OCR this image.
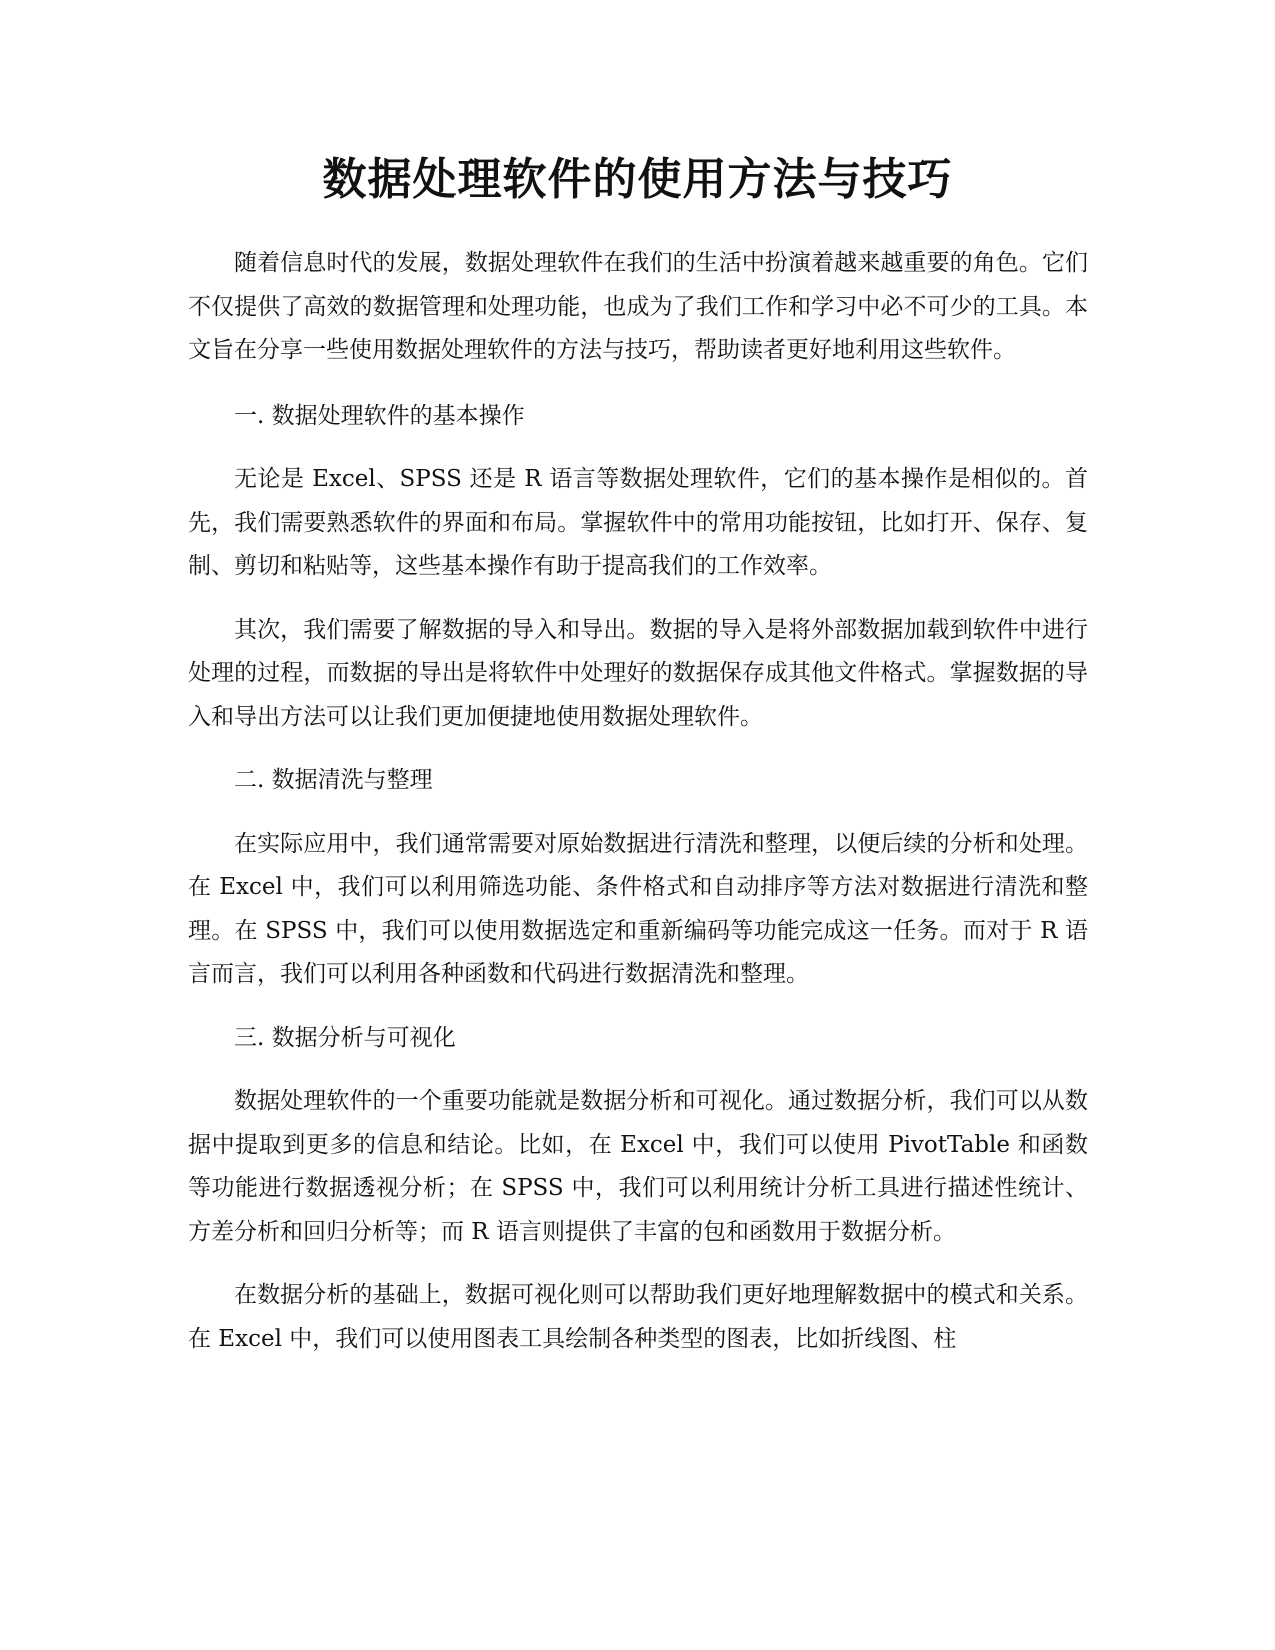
数据处理软件的使用方法与技巧

随着信息时代的发展，数据处理软件在我们的生活中扮演着越来越重要的角色。它们不仅提供了高效的数据管理和处理功能，也成为了我们工作和学习中必不可少的工具。本文旨在分享一些使用数据处理软件的方法与技巧，帮助读者更好地利用这些软件。

一. 数据处理软件的基本操作

无论是 Excel、SPSS 还是 R 语言等数据处理软件，它们的基本操作是相似的。首先，我们需要熟悉软件的界面和布局。掌握软件中的常用功能按钮，比如打开、保存、复制、剪切和粘贴等，这些基本操作有助于提高我们的工作效率。

其次，我们需要了解数据的导入和导出。数据的导入是将外部数据加载到软件中进行处理的过程，而数据的导出是将软件中处理好的数据保存成其他文件格式。掌握数据的导入和导出方法可以让我们更加便捷地使用数据处理软件。

二. 数据清洗与整理

在实际应用中，我们通常需要对原始数据进行清洗和整理，以便后续的分析和处理。在 Excel 中，我们可以利用筛选功能、条件格式和自动排序等方法对数据进行清洗和整理。在 SPSS 中，我们可以使用数据选定和重新编码等功能完成这一任务。而对于 R 语言而言，我们可以利用各种函数和代码进行数据清洗和整理。

三. 数据分析与可视化

数据处理软件的一个重要功能就是数据分析和可视化。通过数据分析，我们可以从数据中提取到更多的信息和结论。比如，在 Excel 中，我们可以使用 PivotTable 和函数等功能进行数据透视分析；在 SPSS 中，我们可以利用统计分析工具进行描述性统计、方差分析和回归分析等；而 R 语言则提供了丰富的包和函数用于数据分析。

在数据分析的基础上，数据可视化则可以帮助我们更好地理解数据中的模式和关系。在 Excel 中，我们可以使用图表工具绘制各种类型的图表，比如折线图、柱
